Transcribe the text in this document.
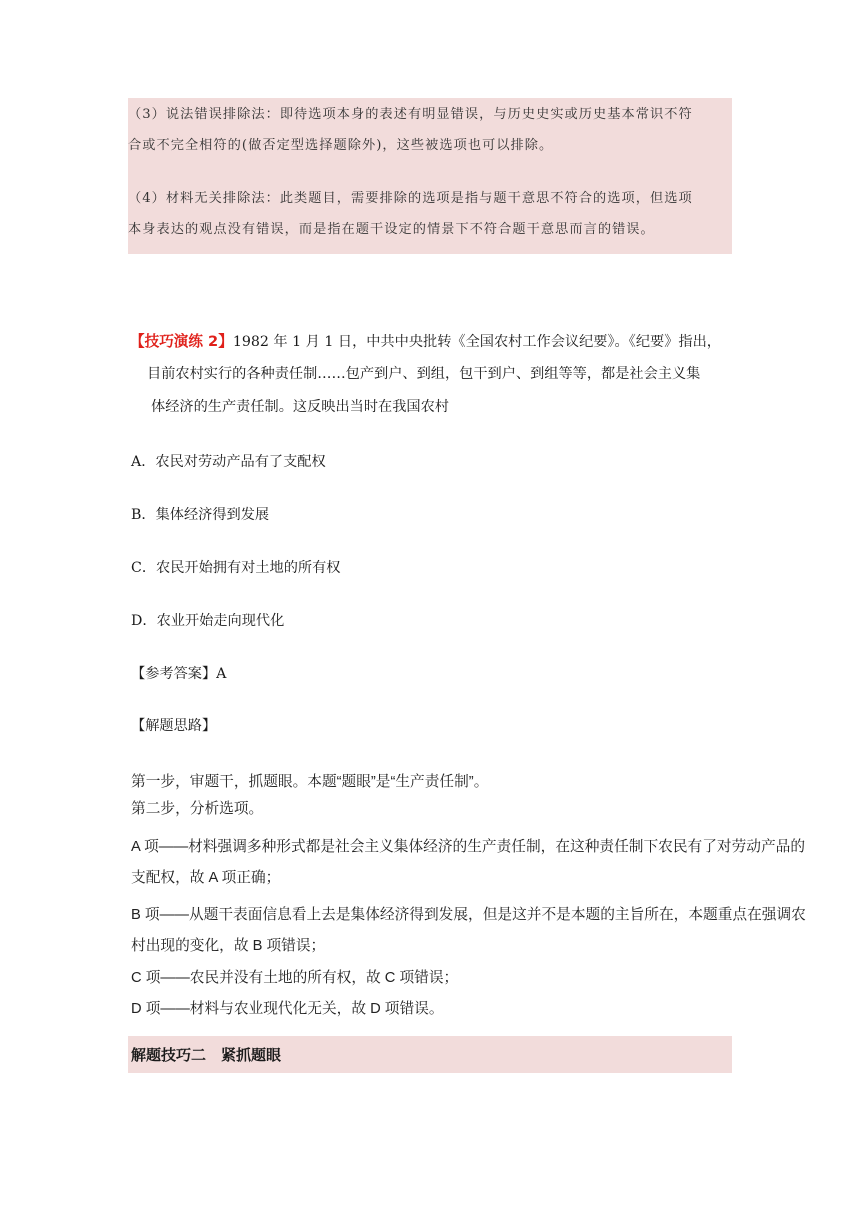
（3）说法错误排除法：即待选项本身的表述有明显错误，与历史史实或历史基本常识不符
合或不完全相符的(做否定型选择题除外)，这些被选项也可以排除。

（4）材料无关排除法：此类题目，需要排除的选项是指与题干意思不符合的选项，但选项
本身表达的观点没有错误，而是指在题干设定的情景下不符合题干意思而言的错误。

【技巧演练 2】1982 年 1 月 1 日，中共中央批转《全国农村工作会议纪要》。《纪要》指出，
目前农村实行的各种责任制……包产到户、到组，包干到户、到组等等，都是社会主义集
体经济的生产责任制。这反映出当时在我国农村
A．农民对劳动产品有了支配权
B．集体经济得到发展
C．农民开始拥有对土地的所有权
D．农业开始走向现代化
【参考答案】A
【解题思路】
第一步，审题干，抓题眼。本题“题眼”是“生产责任制”。
第二步，分析选项。
A 项——材料强调多种形式都是社会主义集体经济的生产责任制，在这种责任制下农民有了对劳动产品的
支配权，故 A 项正确；
B 项——从题干表面信息看上去是集体经济得到发展，但是这并不是本题的主旨所在，本题重点在强调农
村出现的变化，故 B 项错误；
C 项——农民并没有土地的所有权，故 C 项错误；
D 项——材料与农业现代化无关，故 D 项错误。
解题技巧二　紧抓题眼
